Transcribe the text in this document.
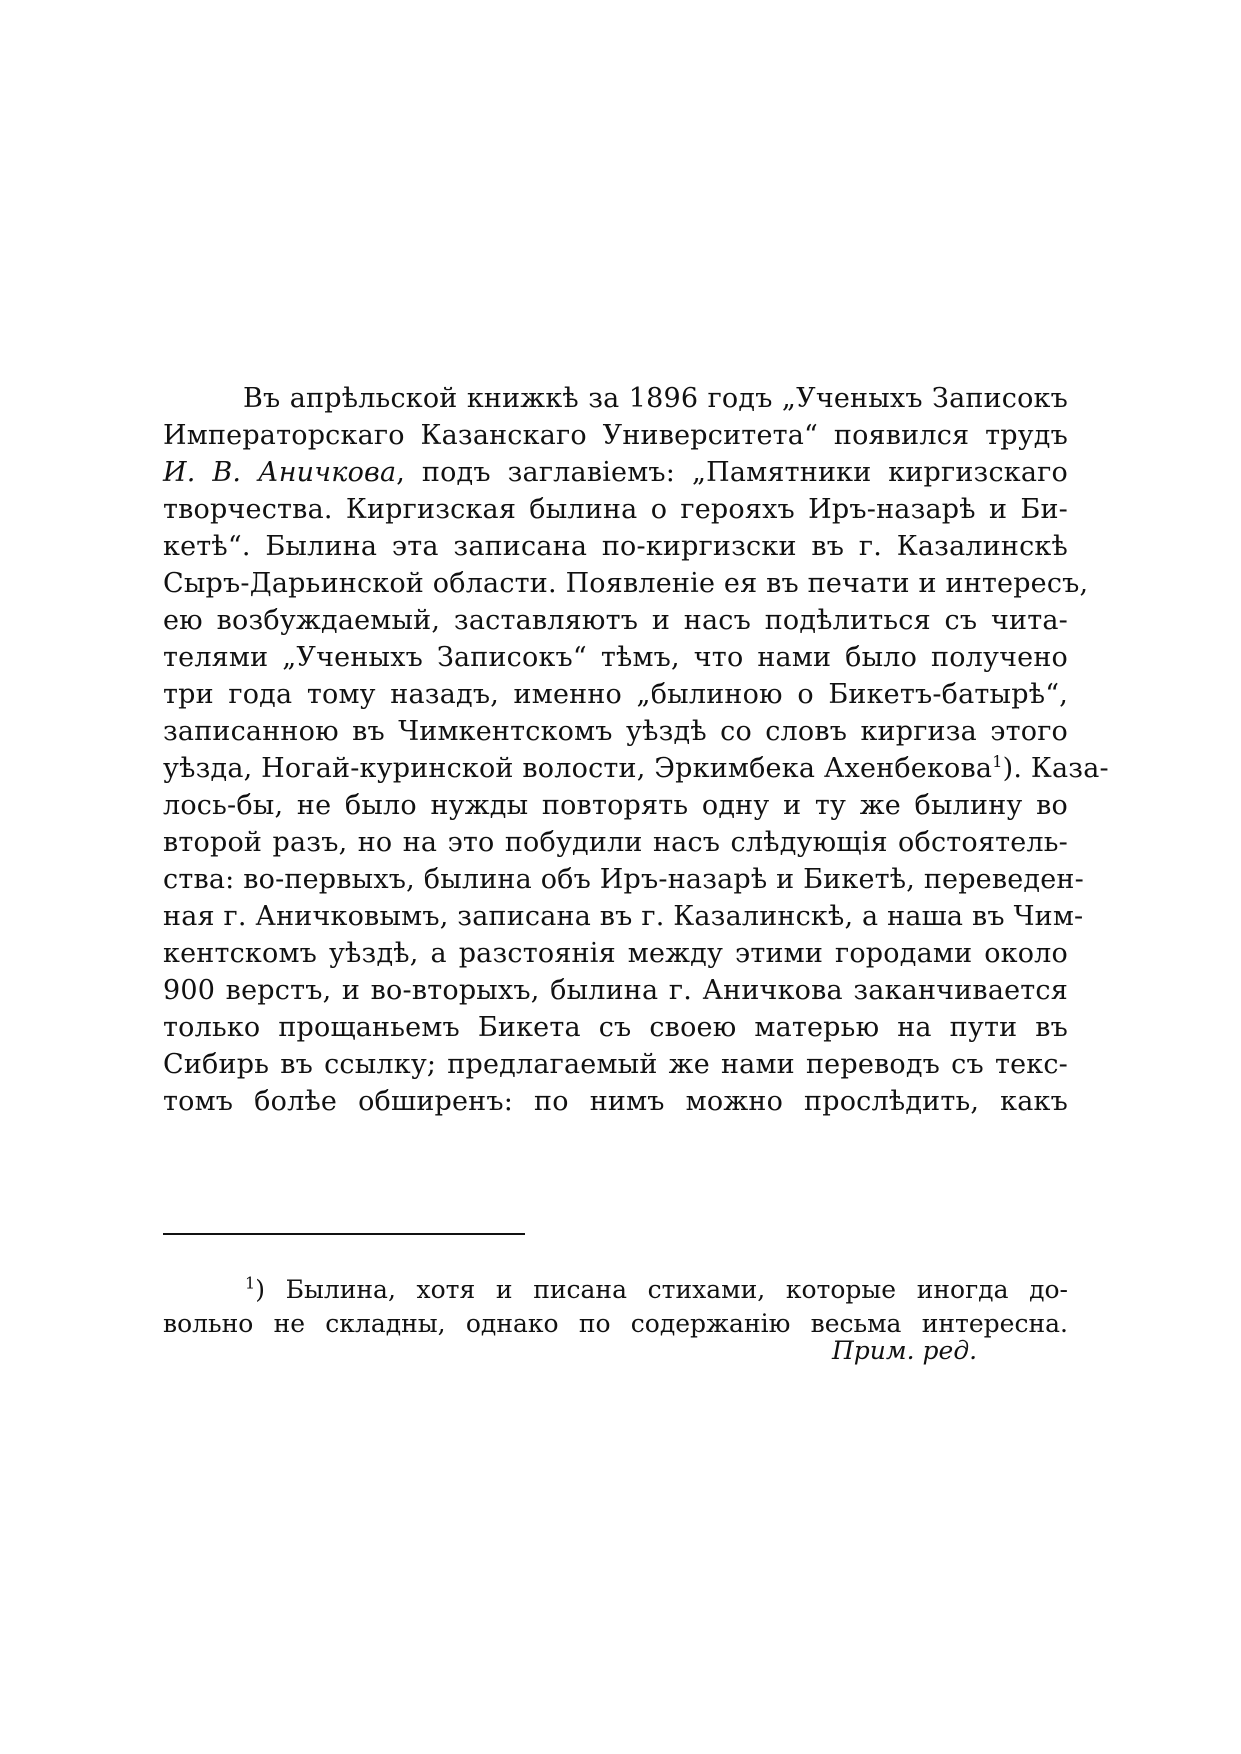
Въ апрѣльской книжкѣ за 1896 годъ „Ученыхъ Записокъ
Императорскаго Казанскаго Университета“ появился трудъ
И. В. Аничкова, подъ заглавіемъ: „Памятники киргизскаго
творчества. Киргизская былина о герояхъ Иръ-назарѣ и Би-
кетѣ“. Былина эта записана по-киргизски въ г. Казалинскѣ
Сыръ-Дарьинской области. Появленіе ея въ печати и интересъ,
ею возбуждаемый, заставляютъ и насъ подѣлиться съ чита-
телями „Ученыхъ Записокъ“ тѣмъ, что нами было получено
три года тому назадъ, именно „былиною о Бикетъ-батырѣ“,
записанною въ Чимкентскомъ уѣздѣ со словъ киргиза этого
уѣзда, Ногай-куринской волости, Эркимбека Ахенбекова$^1$). Каза-
лось-бы, не было нужды повторять одну и ту же былину во
второй разъ, но на это побудили насъ слѣдующія обстоятель-
ства: во-первыхъ, былина объ Иръ-назарѣ и Бикетѣ, переведен-
ная г. Аничковымъ, записана въ г. Казалинскѣ, а наша въ Чим-
кентскомъ уѣздѣ, а разстоянія между этими городами около
900 верстъ, и во-вторыхъ, былина г. Аничкова заканчивается
только прощаньемъ Бикета съ своею матерью на пути въ
Сибирь въ ссылку; предлагаемый же нами переводъ съ текс-
томъ болѣе обширенъ: по нимъ можно прослѣдить, какъ
$^1$) Былина, хотя и писана стихами, которые иногда до-
вольно не складны, однако по содержанію весьма интересна.
Прим. ред.
